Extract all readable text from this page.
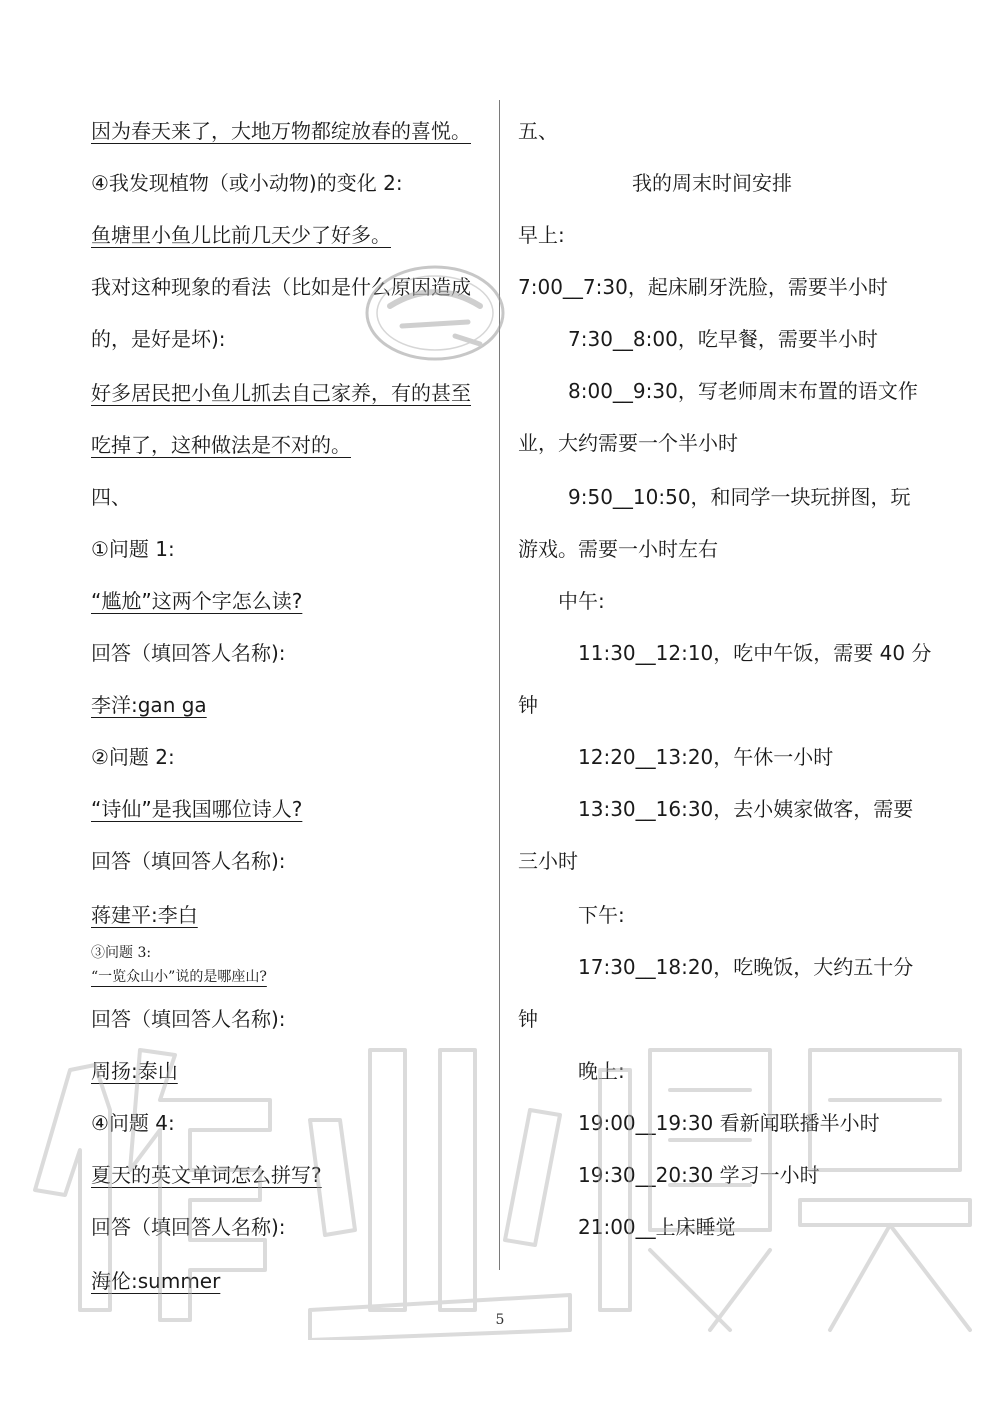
因为春天来了，大地万物都绽放春的喜悦。
④我发现植物（或小动物)的变化 2:
鱼塘里小鱼儿比前几天少了好多。
我对这种现象的看法（比如是什么原因造成
的，是好是坏):
好多居民把小鱼儿抓去自己家养，有的甚至
吃掉了，这种做法是不对的。
四、
①问题 1:
“尴尬”这两个字怎么读?
回答（填回答人名称):
李洋:gan ga
②问题 2:
“诗仙”是我国哪位诗人?
回答（填回答人名称):
蒋建平:李白
③问题 3:
“一览众山小”说的是哪座山?
回答（填回答人名称):
周扬:泰山
④问题 4:
夏天的英文单词怎么拼写?
回答（填回答人名称):
海伦:summer
五、
我的周末时间安排
早上:
7:00__7:30，起床刷牙洗脸，需要半小时
7:30__8:00，吃早餐，需要半小时
8:00__9:30，写老师周末布置的语文作
业，大约需要一个半小时
9:50__10:50，和同学一块玩拼图，玩
游戏。需要一小时左右
中午:
11:30__12:10，吃中午饭，需要 40 分
钟
12:20__13:20，午休一小时
13:30__16:30，去小姨家做客，需要
三小时
下午:
17:30__18:20，吃晚饭，大约五十分
钟
晚上:
19:00__19:30 看新闻联播半小时
19:30__20:30 学习一小时
21:00__上床睡觉
5
